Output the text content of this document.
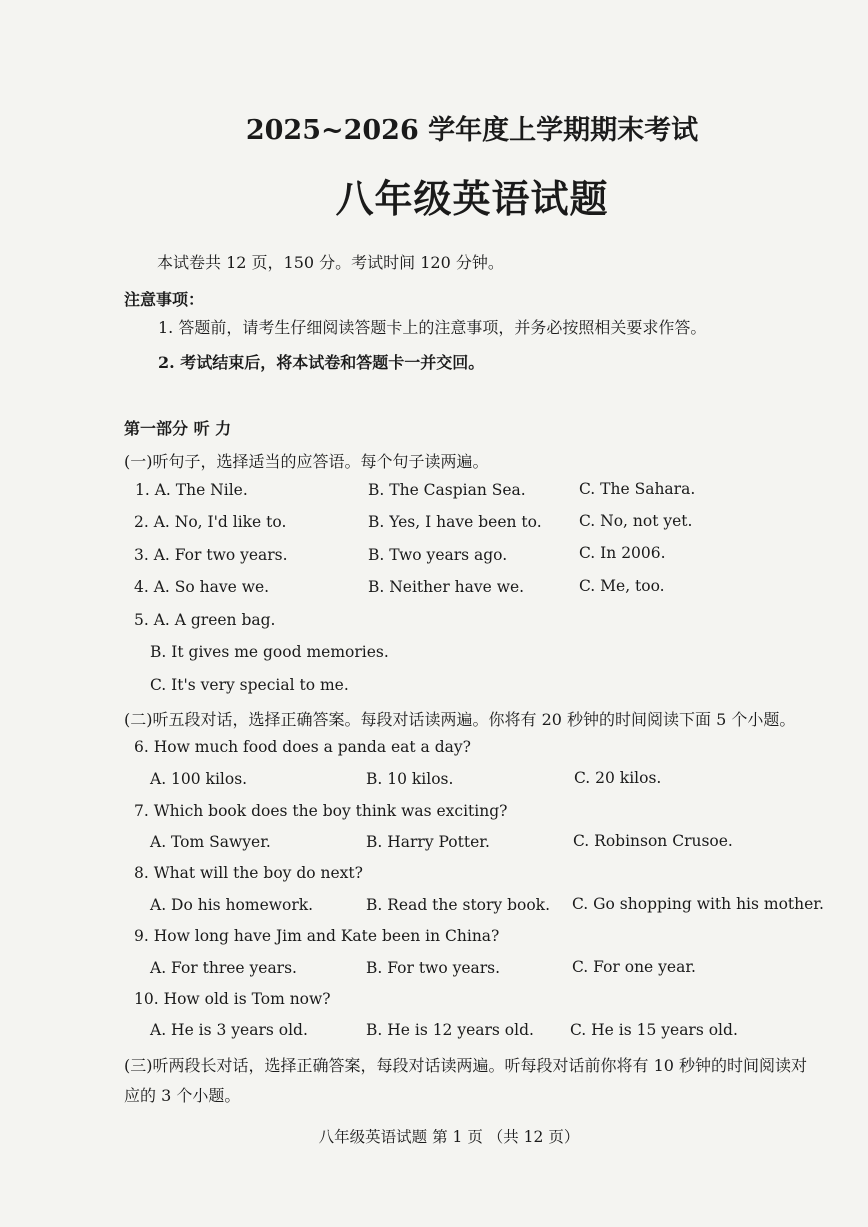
2025~2026 学年度上学期期末考试
八年级英语试题
本试卷共 12 页，150 分。考试时间 120 分钟。
注意事项：
1. 答题前，请考生仔细阅读答题卡上的注意事项，并务必按照相关要求作答。
2. 考试结束后，将本试卷和答题卡一并交回。
第一部分 听 力
(一)听句子，选择适当的应答语。每个句子读两遍。
1. A. The Nile.	B. The Caspian Sea.	C. The Sahara.
2. A. No, I'd like to.	B. Yes, I have been to. C. No, not yet.
3. A. For two years.	B. Two years ago.	C. In 2006.
4. A. So have we.	B. Neither have we.	C. Me, too.
5. A. A green bag.
B. It gives me good memories.
C. It's very special to me.
(二)听五段对话，选择正确答案。每段对话读两遍。你将有 20 秒钟的时间阅读下面 5 个小题。
6. How much food does a panda eat a day?
A. 100 kilos.	B. 10 kilos.	C. 20 kilos.
7. Which book does the boy think was exciting?
A. Tom Sawyer.	B. Harry Potter.	C. Robinson Crusoe.
8. What will the boy do next?
A. Do his homework.	B. Read the story book. C. Go shopping with his mother.
9. How long have Jim and Kate been in China?
A. For three years.	B. For two years.	C. For one year.
10. How old is Tom now?
A. He is 3 years old.	B. He is 12 years old. C. He is 15 years old.
(三)听两段长对话，选择正确答案，每段对话读两遍。听每段对话前你将有 10 秒钟的时间阅读对
应的 3 个小题。
八年级英语试题 第 1 页 （共 12 页）
